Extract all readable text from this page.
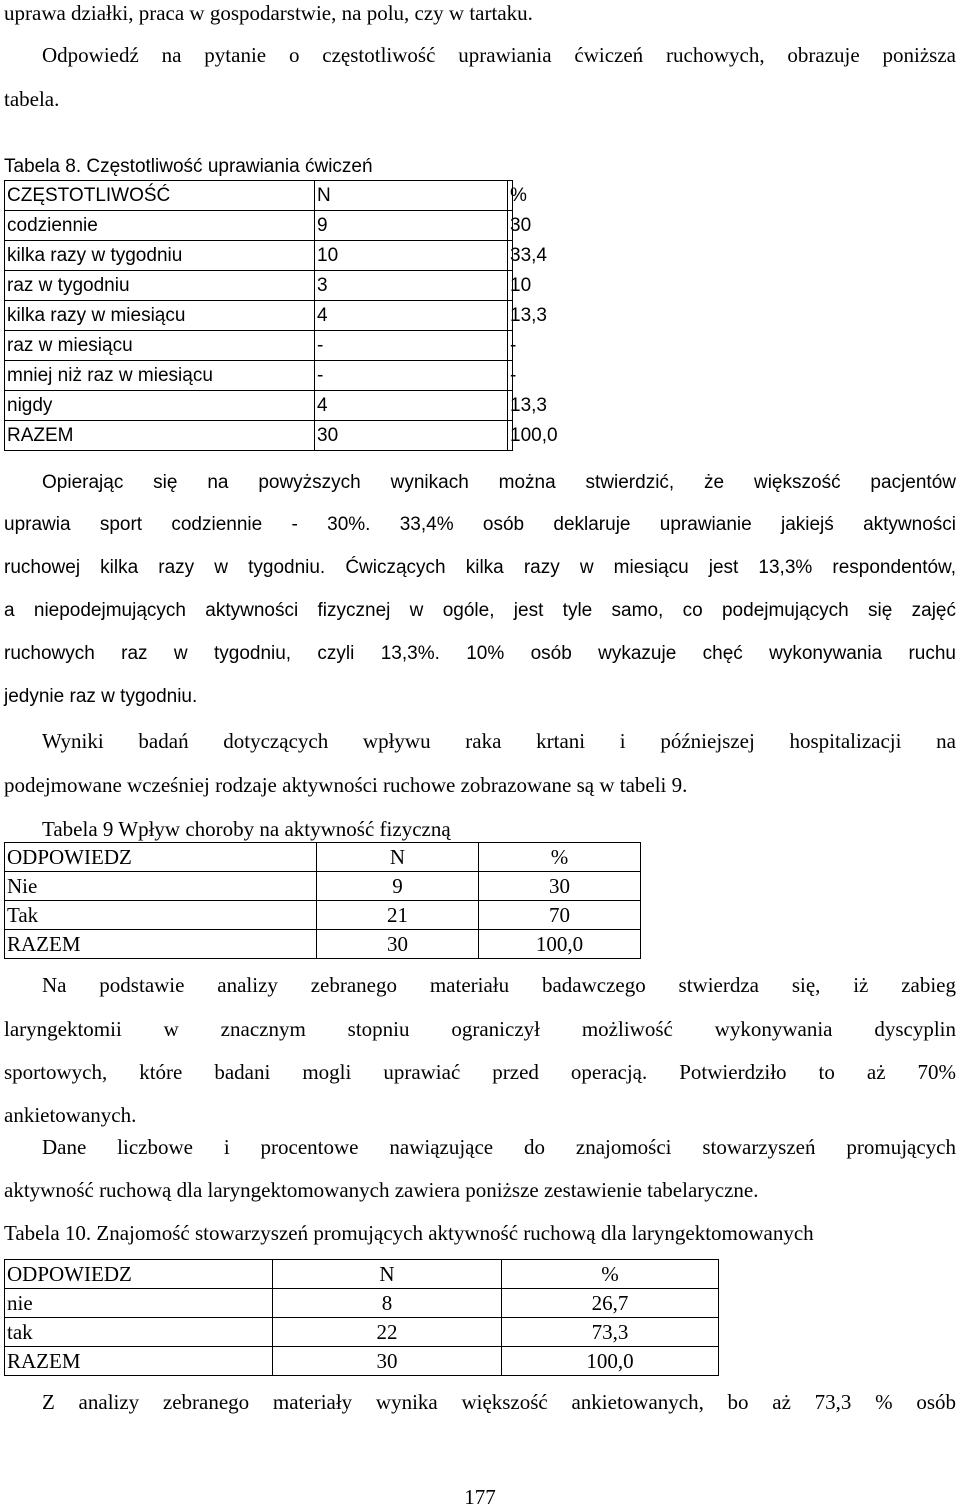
uprawa działki, praca w gospodarstwie, na polu, czy w tartaku.
Odpowiedź na pytanie o częstotliwość uprawiania ćwiczeń ruchowych, obrazuje poniższa
tabela.
Tabela 8. Częstotliwość uprawiania ćwiczeń
CZĘSTOTLIWOŚĆ	N	%
codziennie	9	30
kilka razy w tygodniu	10	33,4
raz w tygodniu	3	10
kilka razy w miesiącu	4	13,3
raz w miesiącu	-	-
mniej niż raz w miesiącu	-	-
nigdy	4	13,3
RAZEM	30	100,0
Opierając się na powyższych wynikach można stwierdzić, że większość pacjentów
uprawia sport codziennie - 30%. 33,4% osób deklaruje uprawianie jakiejś aktywności
ruchowej kilka razy w tygodniu. Ćwiczących kilka razy w miesiącu jest 13,3% respondentów,
a niepodejmujących aktywności fizycznej w ogóle, jest tyle samo, co podejmujących się zajęć
ruchowych raz w tygodniu, czyli 13,3%. 10% osób wykazuje chęć wykonywania ruchu
jedynie raz w tygodniu.
Wyniki badań dotyczących wpływu raka krtani i późniejszej hospitalizacji na
podejmowane wcześniej rodzaje aktywności ruchowe zobrazowane są w tabeli 9.
Tabela 9 Wpływ choroby na aktywność fizyczną
ODPOWIEDZ	N	%
Nie	9	30
Tak	21	70
RAZEM	30	100,0
Na podstawie analizy zebranego materiału badawczego stwierdza się, iż zabieg
laryngektomii w znacznym stopniu ograniczył możliwość wykonywania dyscyplin
sportowych, które badani mogli uprawiać przed operacją. Potwierdziło to aż 70%
ankietowanych.
Dane liczbowe i procentowe nawiązujące do znajomości stowarzyszeń promujących
aktywność ruchową dla laryngektomowanych zawiera poniższe zestawienie tabelaryczne.
Tabela 10. Znajomość stowarzyszeń promujących aktywność ruchową dla laryngektomowanych
ODPOWIEDZ	N	%
nie	8	26,7
tak	22	73,3
RAZEM	30	100,0
Z analizy zebranego materiały wynika większość ankietowanych, bo aż 73,3 % osób
177
